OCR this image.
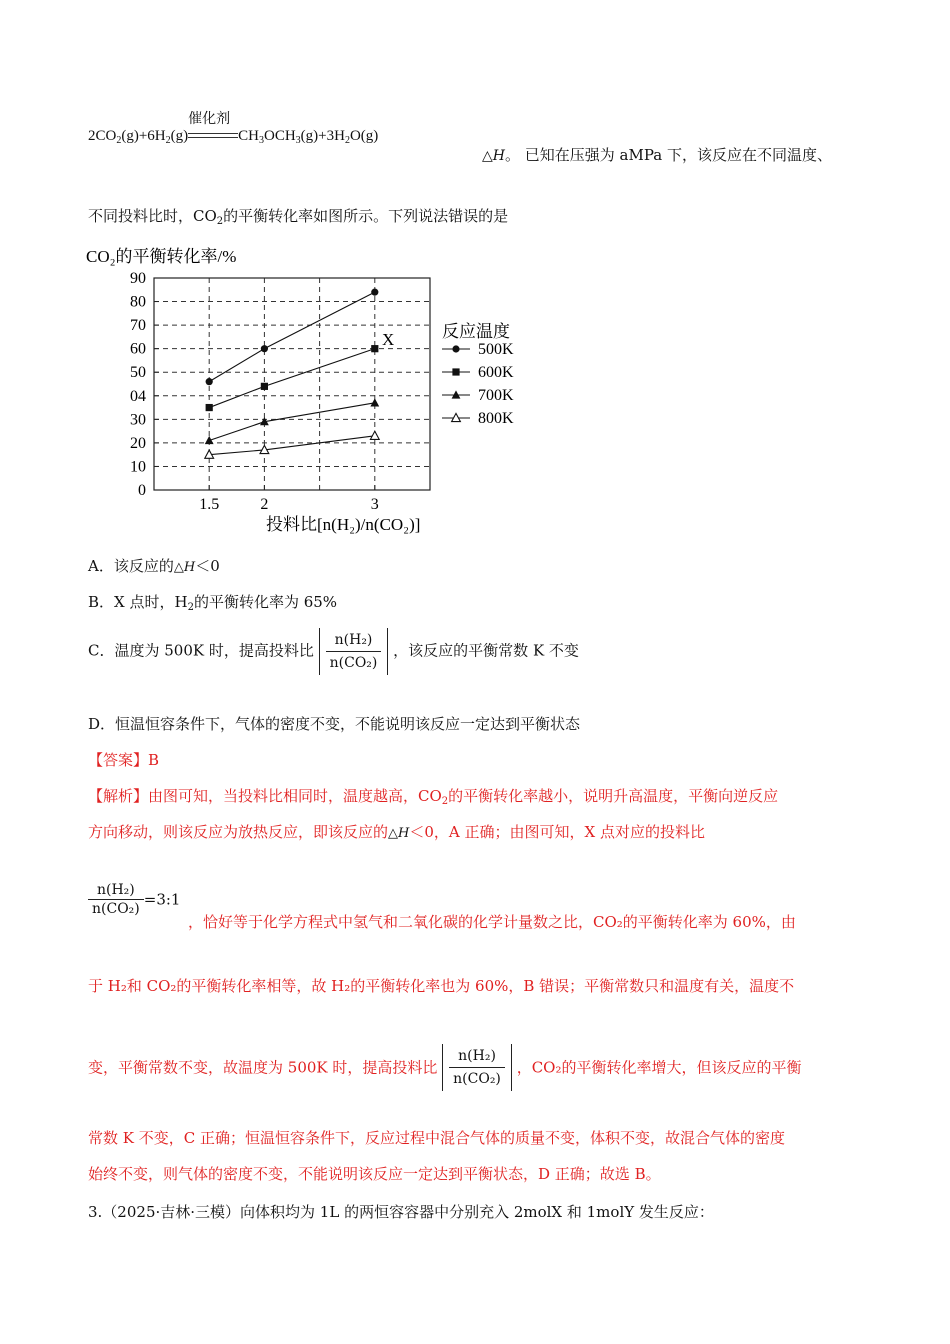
$2CO_2(g)+6H_2(g)$
催化剂
$CH_3OCH_3(g)+3H_2O(g)$
△H。 已知在压强为 aMPa 下，该反应在不同温度、
不同投料比时，$CO_2$的平衡转化率如图所示。下列说法错误的是
CO₂的平衡转化率/%
0
10
20
30
04
50
60
70
80
90
1.5	2	3
X
投料比[n(H₂)/n(CO₂)]
反应温度
500K
600K
700K
800K
A．该反应的△H＜0
B．X 点时，$H_2$的平衡转化率为 65%
C．温度为 500K 时，提高投料比 $\frac{\text{n(H₂)}}{\text{n(CO₂)}}$ ，该反应的平衡常数 K 不变
D．恒温恒容条件下，气体的密度不变，不能说明该反应一定达到平衡状态
【答案】B
【解析】由图可知，当投料比相同时，温度越高，$CO_2$的平衡转化率越小，说明升高温度，平衡向逆反应
方向移动，则该反应为放热反应，即该反应的△H＜0，A 正确；由图可知，X 点对应的投料比
$\frac{\text{n(H₂)}}{\text{n(CO₂)}}$ =3:1
，恰好等于化学方程式中氢气和二氧化碳的化学计量数之比，CO₂的平衡转化率为 60%，由
于 H₂和 CO₂的平衡转化率相等，故 H₂的平衡转化率也为 60%，B 错误；平衡常数只和温度有关，温度不
变，平衡常数不变，故温度为 500K 时，提高投料比 $\frac{\text{n(H₂)}}{\text{n(CO₂)}}$ ，CO₂的平衡转化率增大，但该反应的平衡
常数 K 不变，C 正确；恒温恒容条件下，反应过程中混合气体的质量不变，体积不变，故混合气体的密度
始终不变，则气体的密度不变，不能说明该反应一定达到平衡状态，D 正确；故选 B。
3.（2025·吉林·三模）向体积均为 1L 的两恒容容器中分别充入 2molX 和 1molY 发生反应：
